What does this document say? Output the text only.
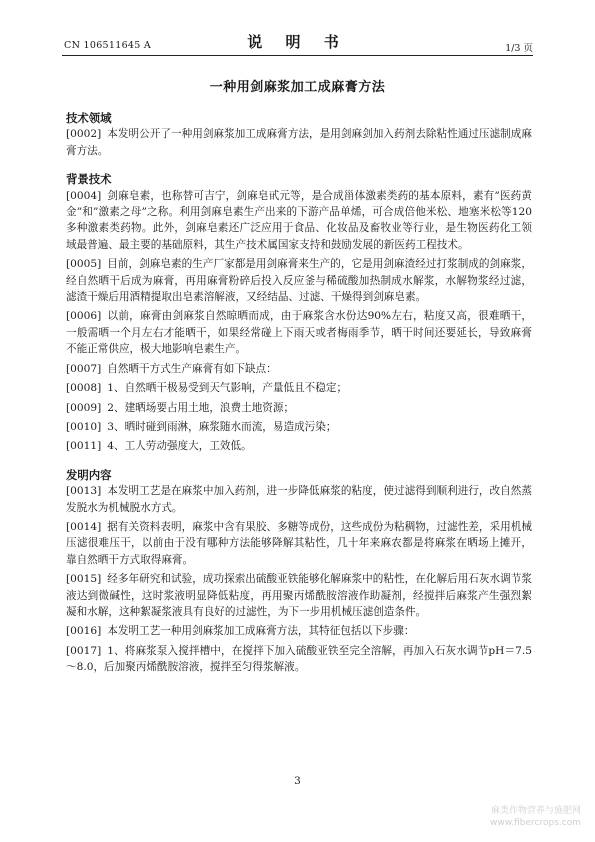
CN 106511645 A	说 明 书	1/3 页
一种用剑麻浆加工成麻膏方法
技术领域
[0002] 本发明公开了一种用剑麻浆加工成麻膏方法，是用剑麻剑加入药剂去除粘性通过压滤制成麻膏方法。
背景技术
[0004] 剑麻皂素，也称替可吉宁，剑麻皂甙元等，是合成甾体激素类药的基本原料，素有”医药黄金”和”激素之母”之称。利用剑麻皂素生产出来的下游产品单烯，可合成倍他米松、地塞米松等120多种激素类药物。此外，剑麻皂素还广泛应用于食品、化妆品及畜牧业等行业，是生物医药化工领域最普遍、最主要的基础原料，其生产技术属国家支持和鼓励发展的新医药工程技术。
[0005] 目前，剑麻皂素的生产厂家都是用剑麻膏来生产的，它是用剑麻渣经过打浆制成的剑麻浆，经自然晒干后成为麻膏，再用麻膏粉碎后投入反应釜与稀硫酸加热制成水解浆，水解物浆经过滤，滤渣干燥后用酒精提取出皂素溶解液，又经结晶、过滤、干燥得到剑麻皂素。
[0006] 以前，麻膏由剑麻浆自然晾晒而成，由于麻浆含水份达90%左右，粘度又高，很难晒干，一般需晒一个月左右才能晒干，如果经常碰上下雨天或者梅雨季节，晒干时间还要延长，导致麻膏不能正常供应，极大地影响皂素生产。
[0007] 自然晒干方式生产麻膏有如下缺点：
[0008] 1、自然晒干极易受到天气影响，产量低且不稳定；
[0009] 2、建晒场要占用土地，浪费土地资源；
[0010] 3、晒时碰到雨淋，麻浆随水而流，易造成污染；
[0011] 4、工人劳动强度大，工效低。
发明内容
[0013] 本发明工艺是在麻浆中加入药剂，进一步降低麻浆的粘度，使过滤得到顺利进行，改自然蒸发脱水为机械脱水方式。
[0014] 据有关资料表明，麻浆中含有果胶、多糖等成份，这些成份为粘稠物，过滤性差，采用机械压滤很难压干，以前由于没有哪种方法能够降解其粘性，几十年来麻农都是将麻浆在晒场上摊开，靠自然晒干方式取得麻膏。
[0015] 经多年研究和试验，成功探索出硫酸亚铁能够化解麻浆中的粘性，在化解后用石灰水调节浆液达到微碱性，这时浆液明显降低粘度，再用聚丙烯酰胺溶液作助凝剂，经搅拌后麻浆产生强烈絮凝和水解，这种絮凝浆液具有良好的过滤性，为下一步用机械压滤创造条件。
[0016] 本发明工艺一种用剑麻浆加工成麻膏方法，其特征包括以下步骤：
[0017] 1、将麻浆泵入搅拌槽中，在搅拌下加入硫酸亚铁至完全溶解，再加入石灰水调节pH＝7.5～8.0，后加聚丙烯酰胺溶液，搅拌至匀得浆解液。
3
麻类作物营养与施肥网
www.fibercrops.com
